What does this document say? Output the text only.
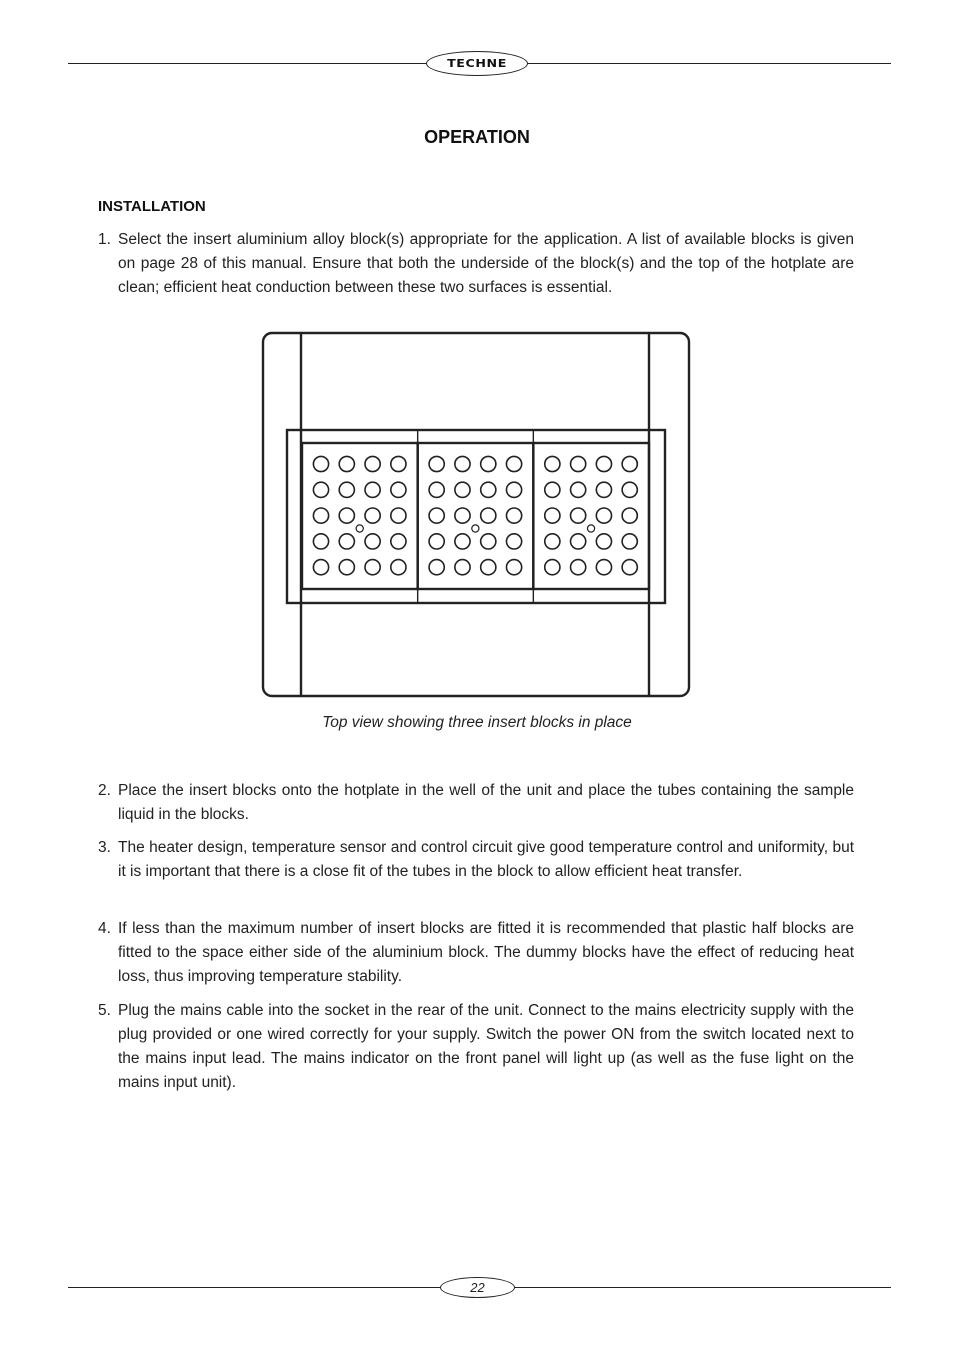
TECHNE
OPERATION
INSTALLATION
1. Select the insert aluminium alloy block(s) appropriate for the application. A list of available blocks is given on page 28 of this manual. Ensure that both the underside of the block(s) and the top of the hotplate are clean; efficient heat conduction between these two surfaces is essential.
Top view showing three insert blocks in place
2. Place the insert blocks onto the hotplate in the well of the unit and place the tubes containing the sample liquid in the blocks.
3. The heater design, temperature sensor and control circuit give good temperature control and uniformity, but it is important that there is a close fit of the tubes in the block to allow efficient heat transfer.
4. If less than the maximum number of insert blocks are fitted it is recommended that plastic half blocks are fitted to the space either side of the aluminium block. The dummy blocks have the effect of reducing heat loss, thus improving temperature stability.
5. Plug the mains cable into the socket in the rear of the unit. Connect to the mains electricity supply with the plug provided or one wired correctly for your supply. Switch the power ON from the switch located next to the mains input lead. The mains indicator on the front panel will light up (as well as the fuse light on the mains input unit).
22
